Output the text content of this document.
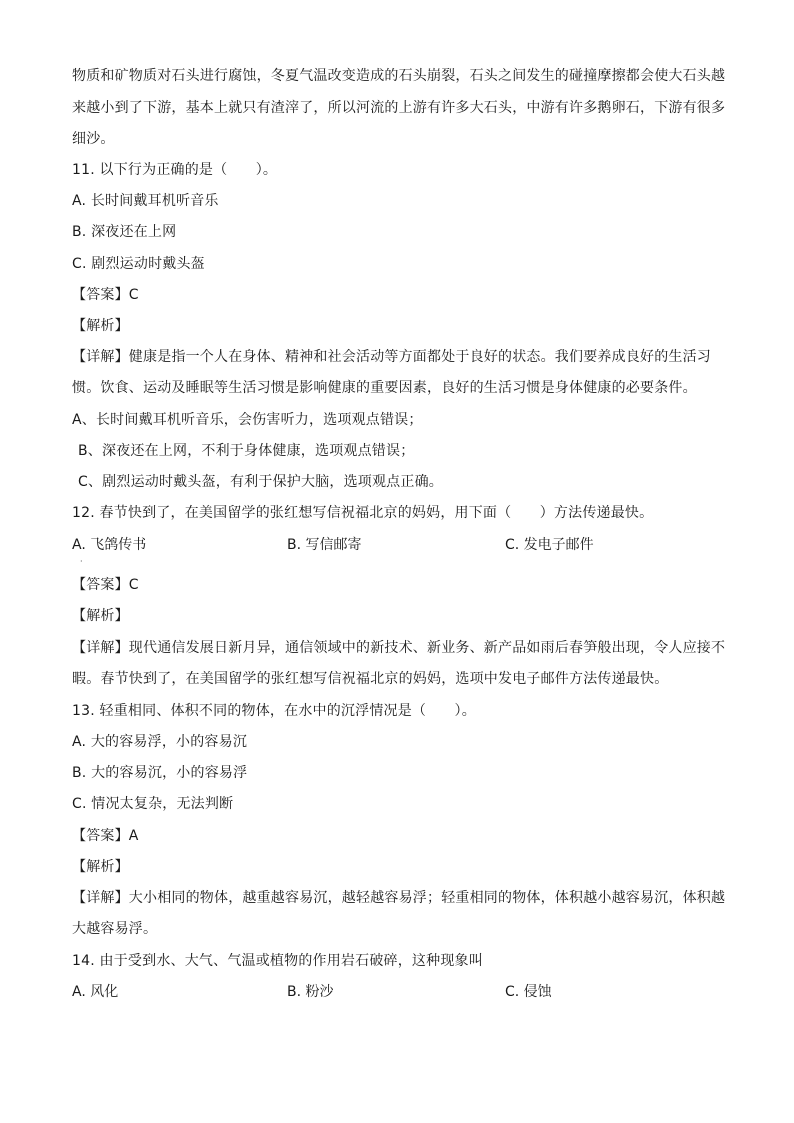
物质和矿物质对石头进行腐蚀，冬夏气温改变造成的石头崩裂，石头之间发生的碰撞摩擦都会使大石头越
来越小到了下游，基本上就只有渣滓了，所以河流的上游有许多大石头，中游有许多鹅卵石，下游有很多
细沙。
11. 以下行为正确的是（　　）。
A. 长时间戴耳机听音乐
B. 深夜还在上网
C. 剧烈运动时戴头盔
【答案】C
【解析】
【详解】健康是指一个人在身体、精神和社会活动等方面都处于良好的状态。我们要养成良好的生活习
惯。饮食、运动及睡眠等生活习惯是影响健康的重要因素，良好的生活习惯是身体健康的必要条件。
A、长时间戴耳机听音乐，会伤害听力，选项观点错误；
B、深夜还在上网，不利于身体健康，选项观点错误；
C、剧烈运动时戴头盔，有利于保护大脑，选项观点正确。
12. 春节快到了，在美国留学的张红想写信祝福北京的妈妈，用下面（　　）方法传递最快。
A. 飞鸽传书	B. 写信邮寄	C. 发电子邮件
·
【答案】C
【解析】
【详解】现代通信发展日新月异，通信领域中的新技术、新业务、新产品如雨后春笋般出现，令人应接不
暇。春节快到了，在美国留学的张红想写信祝福北京的妈妈，选项中发电子邮件方法传递最快。
13. 轻重相同、体积不同的物体，在水中的沉浮情况是（　　）。
A. 大的容易浮，小的容易沉
B. 大的容易沉，小的容易浮
C. 情况太复杂，无法判断
【答案】A
【解析】
【详解】大小相同的物体，越重越容易沉，越轻越容易浮；轻重相同的物体，体积越小越容易沉，体积越
大越容易浮。
14. 由于受到水、大气、气温或植物的作用岩石破碎，这种现象叫
A. 风化	B. 粉沙	C. 侵蚀
